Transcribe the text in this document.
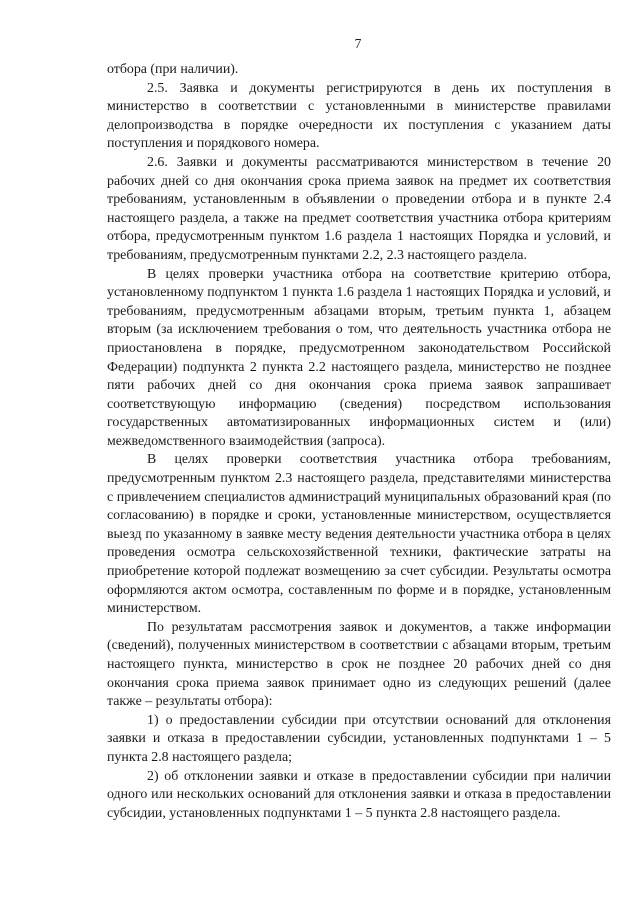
7

отбора (при наличии).

2.5. Заявка и документы регистрируются в день их поступления в министерство в соответствии с установленными в министерстве правилами делопроизводства в порядке очередности их поступления с указанием даты поступления и порядкового номера.

2.6. Заявки и документы рассматриваются министерством в течение 20 рабочих дней со дня окончания срока приема заявок на предмет их соответствия требованиям, установленным в объявлении о проведении отбора и в пункте 2.4 настоящего раздела, а также на предмет соответствия участника отбора критериям отбора, предусмотренным пунктом 1.6 раздела 1 настоящих Порядка и условий, и требованиям, предусмотренным пунктами 2.2, 2.3 настоящего раздела.

В целях проверки участника отбора на соответствие критерию отбора, установленному подпунктом 1 пункта 1.6 раздела 1 настоящих Порядка и условий, и требованиям, предусмотренным абзацами вторым, третьим пункта 1, абзацем вторым (за исключением требования о том, что деятельность участника отбора не приостановлена в порядке, предусмотренном законодательством Российской Федерации) подпункта 2 пункта 2.2 настоящего раздела, министерство не позднее пяти рабочих дней со дня окончания срока приема заявок запрашивает соответствующую информацию (сведения) посредством использования государственных автоматизированных информационных систем и (или) межведомственного взаимодействия (запроса).

В целях проверки соответствия участника отбора требованиям, предусмотренным пунктом 2.3 настоящего раздела, представителями министерства с привлечением специалистов администраций муниципальных образований края (по согласованию) в порядке и сроки, установленные министерством, осуществляется выезд по указанному в заявке месту ведения деятельности участника отбора в целях проведения осмотра сельскохозяйственной техники, фактические затраты на приобретение которой подлежат возмещению за счет субсидии. Результаты осмотра оформляются актом осмотра, составленным по форме и в порядке, установленным министерством.

По результатам рассмотрения заявок и документов, а также информации (сведений), полученных министерством в соответствии с абзацами вторым, третьим настоящего пункта, министерство в срок не позднее 20 рабочих дней со дня окончания срока приема заявок принимает одно из следующих решений (далее также – результаты отбора):

1) о предоставлении субсидии при отсутствии оснований для отклонения заявки и отказа в предоставлении субсидии, установленных подпунктами 1 – 5 пункта 2.8 настоящего раздела;

2) об отклонении заявки и отказе в предоставлении субсидии при наличии одного или нескольких оснований для отклонения заявки и отказа в предоставлении субсидии, установленных подпунктами 1 – 5 пункта 2.8 настоящего раздела.
